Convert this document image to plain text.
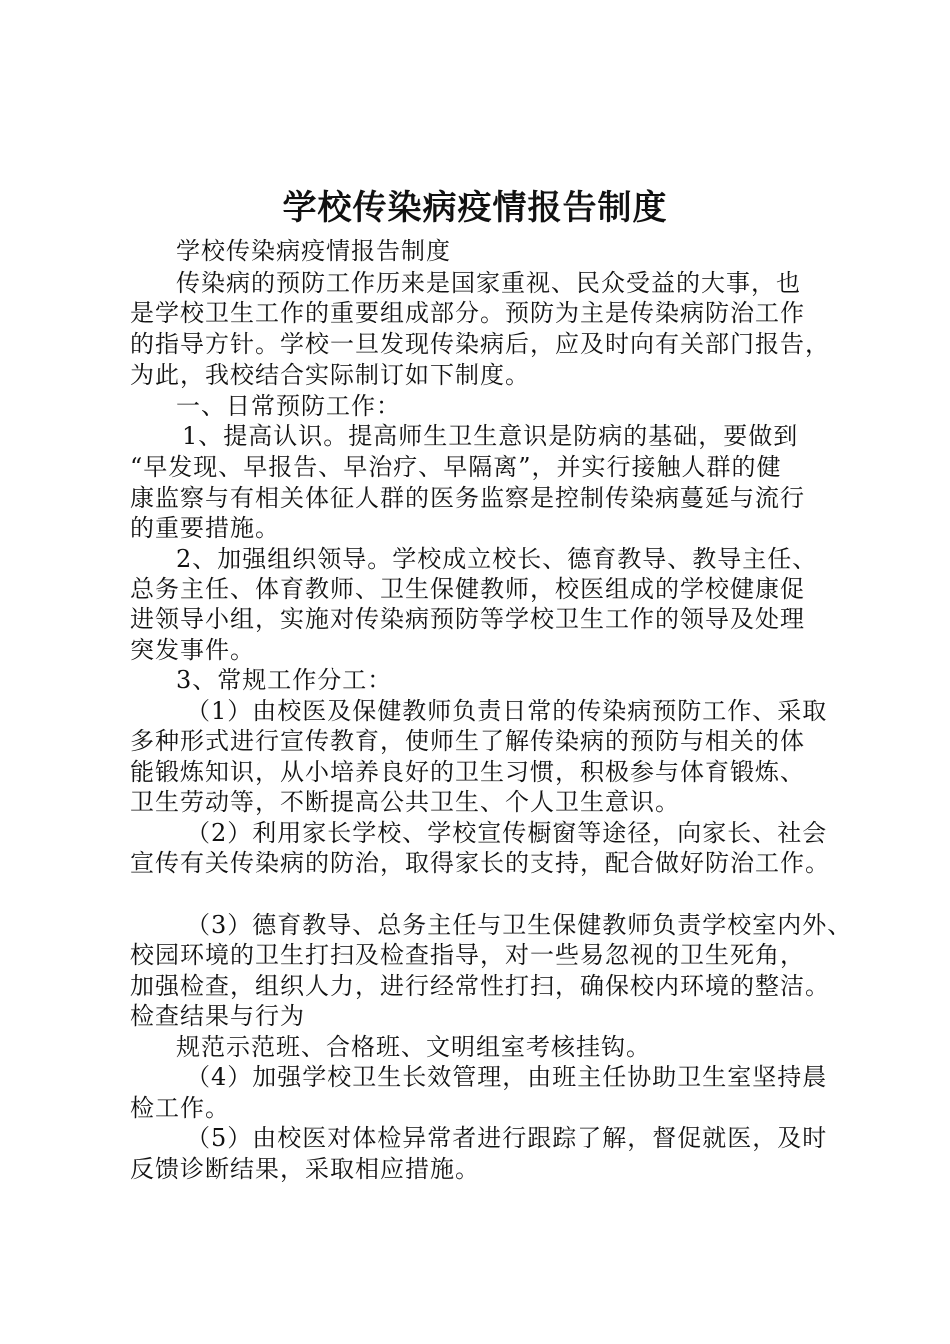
学校传染病疫情报告制度
学校传染病疫情报告制度
传染病的预防工作历来是国家重视、民众受益的大事，也
是学校卫生工作的重要组成部分。预防为主是传染病防治工作
的指导方针。学校一旦发现传染病后，应及时向有关部门报告，
为此，我校结合实际制订如下制度。
一、日常预防工作：
1、提高认识。提高师生卫生意识是防病的基础，要做到
“早发现、早报告、早治疗、早隔离”，并实行接触人群的健
康监察与有相关体征人群的医务监察是控制传染病蔓延与流行
的重要措施。
2、加强组织领导。学校成立校长、德育教导、教导主任、
总务主任、体育教师、卫生保健教师，校医组成的学校健康促
进领导小组，实施对传染病预防等学校卫生工作的领导及处理
突发事件。
3、常规工作分工：
（1）由校医及保健教师负责日常的传染病预防工作、采取
多种形式进行宣传教育，使师生了解传染病的预防与相关的体
能锻炼知识，从小培养良好的卫生习惯，积极参与体育锻炼、
卫生劳动等，不断提高公共卫生、个人卫生意识。
（2）利用家长学校、学校宣传橱窗等途径，向家长、社会
宣传有关传染病的防治，取得家长的支持，配合做好防治工作。
（3）德育教导、总务主任与卫生保健教师负责学校室内外、
校园环境的卫生打扫及检查指导，对一些易忽视的卫生死角，
加强检查，组织人力，进行经常性打扫，确保校内环境的整洁。
检查结果与行为
规范示范班、合格班、文明组室考核挂钩。
（4）加强学校卫生长效管理，由班主任协助卫生室坚持晨
检工作。
（5）由校医对体检异常者进行跟踪了解，督促就医，及时
反馈诊断结果，采取相应措施。
